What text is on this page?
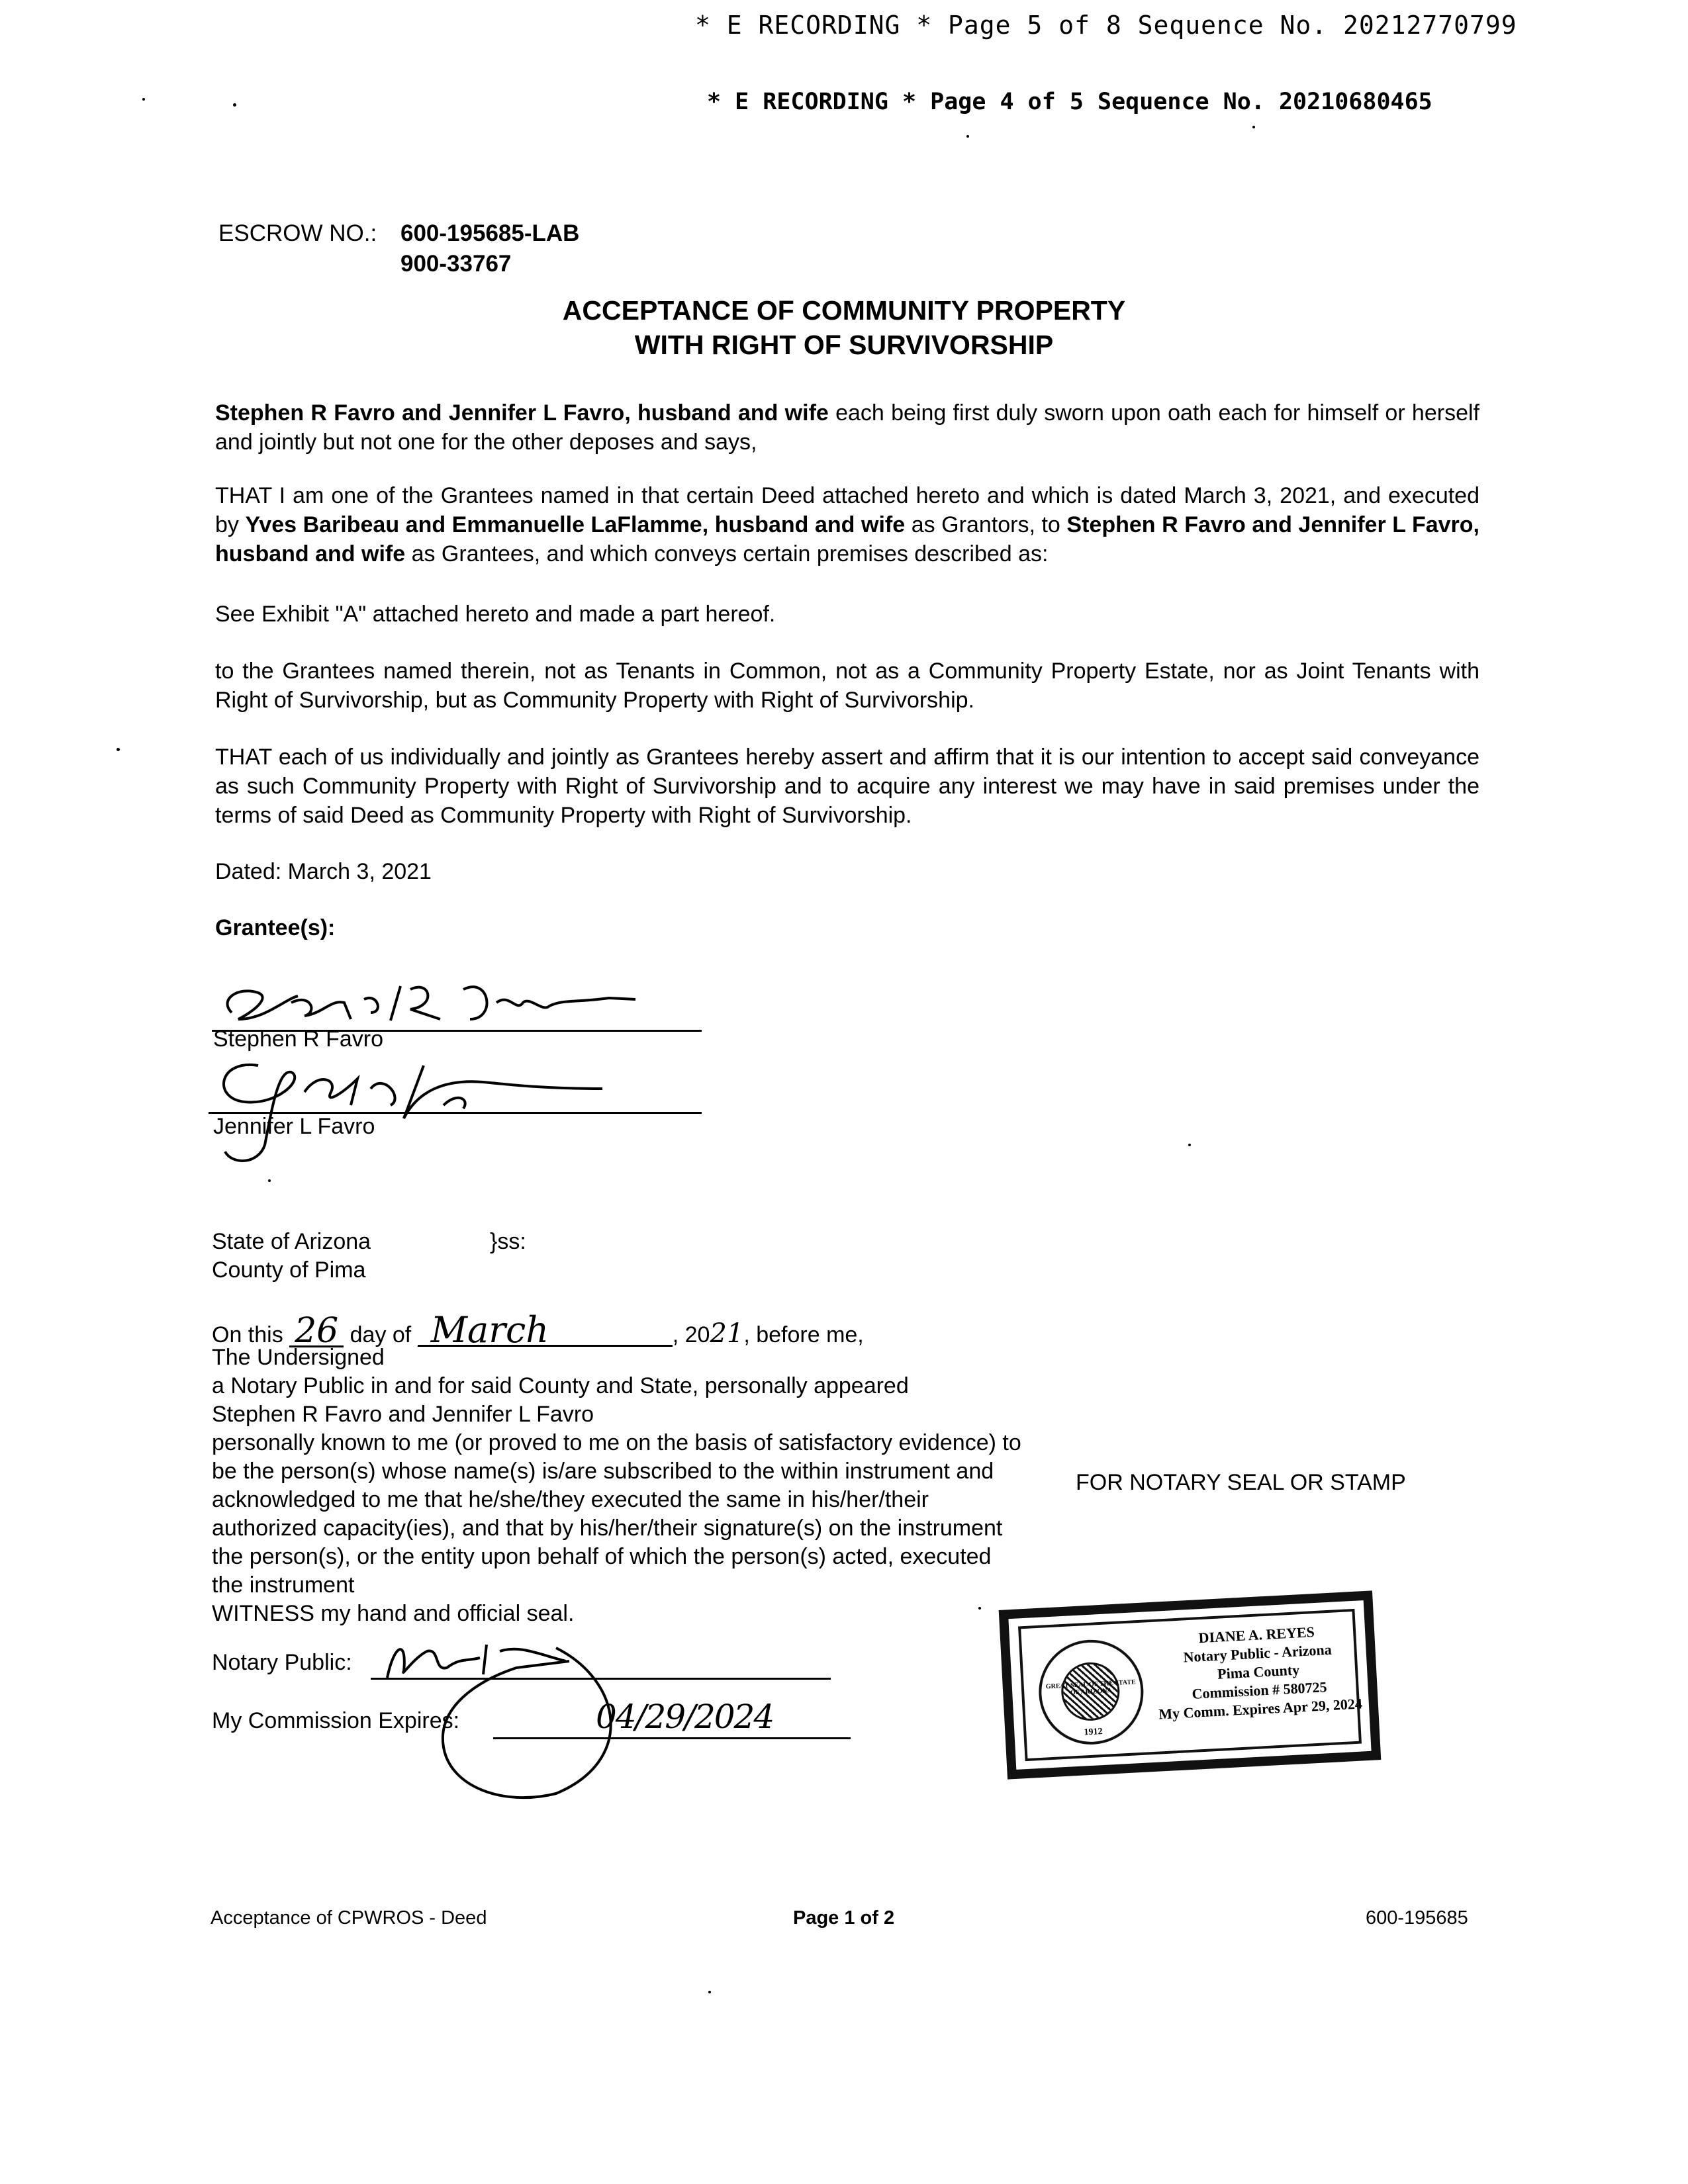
* E RECORDING * Page 5 of 8 Sequence No. 20212770799
* E RECORDING * Page 4 of 5 Sequence No. 20210680465
ESCROW NO.: 600-195685-LAB
900-33767
ACCEPTANCE OF COMMUNITY PROPERTY
WITH RIGHT OF SURVIVORSHIP
Stephen R Favro and Jennifer L Favro, husband and wife each being first duly sworn upon oath each for himself or herself and jointly but not one for the other deposes and says,
THAT I am one of the Grantees named in that certain Deed attached hereto and which is dated March 3, 2021, and executed by Yves Baribeau and Emmanuelle LaFlamme, husband and wife as Grantors, to Stephen R Favro and Jennifer L Favro, husband and wife as Grantees, and which conveys certain premises described as:
See Exhibit "A" attached hereto and made a part hereof.
to the Grantees named therein, not as Tenants in Common, not as a Community Property Estate, nor as Joint Tenants with Right of Survivorship, but as Community Property with Right of Survivorship.
THAT each of us individually and jointly as Grantees hereby assert and affirm that it is our intention to accept said conveyance as such Community Property with Right of Survivorship and to acquire any interest we may have in said premises under the terms of said Deed as Community Property with Right of Survivorship.
Dated: March 3, 2021
Grantee(s):
Stephen R Favro
Jennifer L Favro
State of Arizona
County of Pima
}ss:
On this 26 day of March	, 2021, before me,
The Undersigned
a Notary Public in and for said County and State, personally appeared
Stephen R Favro and Jennifer L Favro
personally known to me (or proved to me on the basis of satisfactory evidence) to be the person(s) whose name(s) is/are subscribed to the within instrument and acknowledged to me that he/she/they executed the same in his/her/their authorized capacity(ies), and that by his/her/their signature(s) on the instrument the person(s), or the entity upon behalf of which the person(s) acted, executed the instrument
WITNESS my hand and official seal.
FOR NOTARY SEAL OR STAMP
Notary Public:
My Commission Expires:	04/29/2024
GREAT SEAL OF THE STATE OF ARIZONA
1912
DIANE A. REYES
Notary Public - Arizona
Pima County
Commission # 580725
My Comm. Expires Apr 29, 2024
Acceptance of CPWROS - Deed	Page 1 of 2	600-195685
